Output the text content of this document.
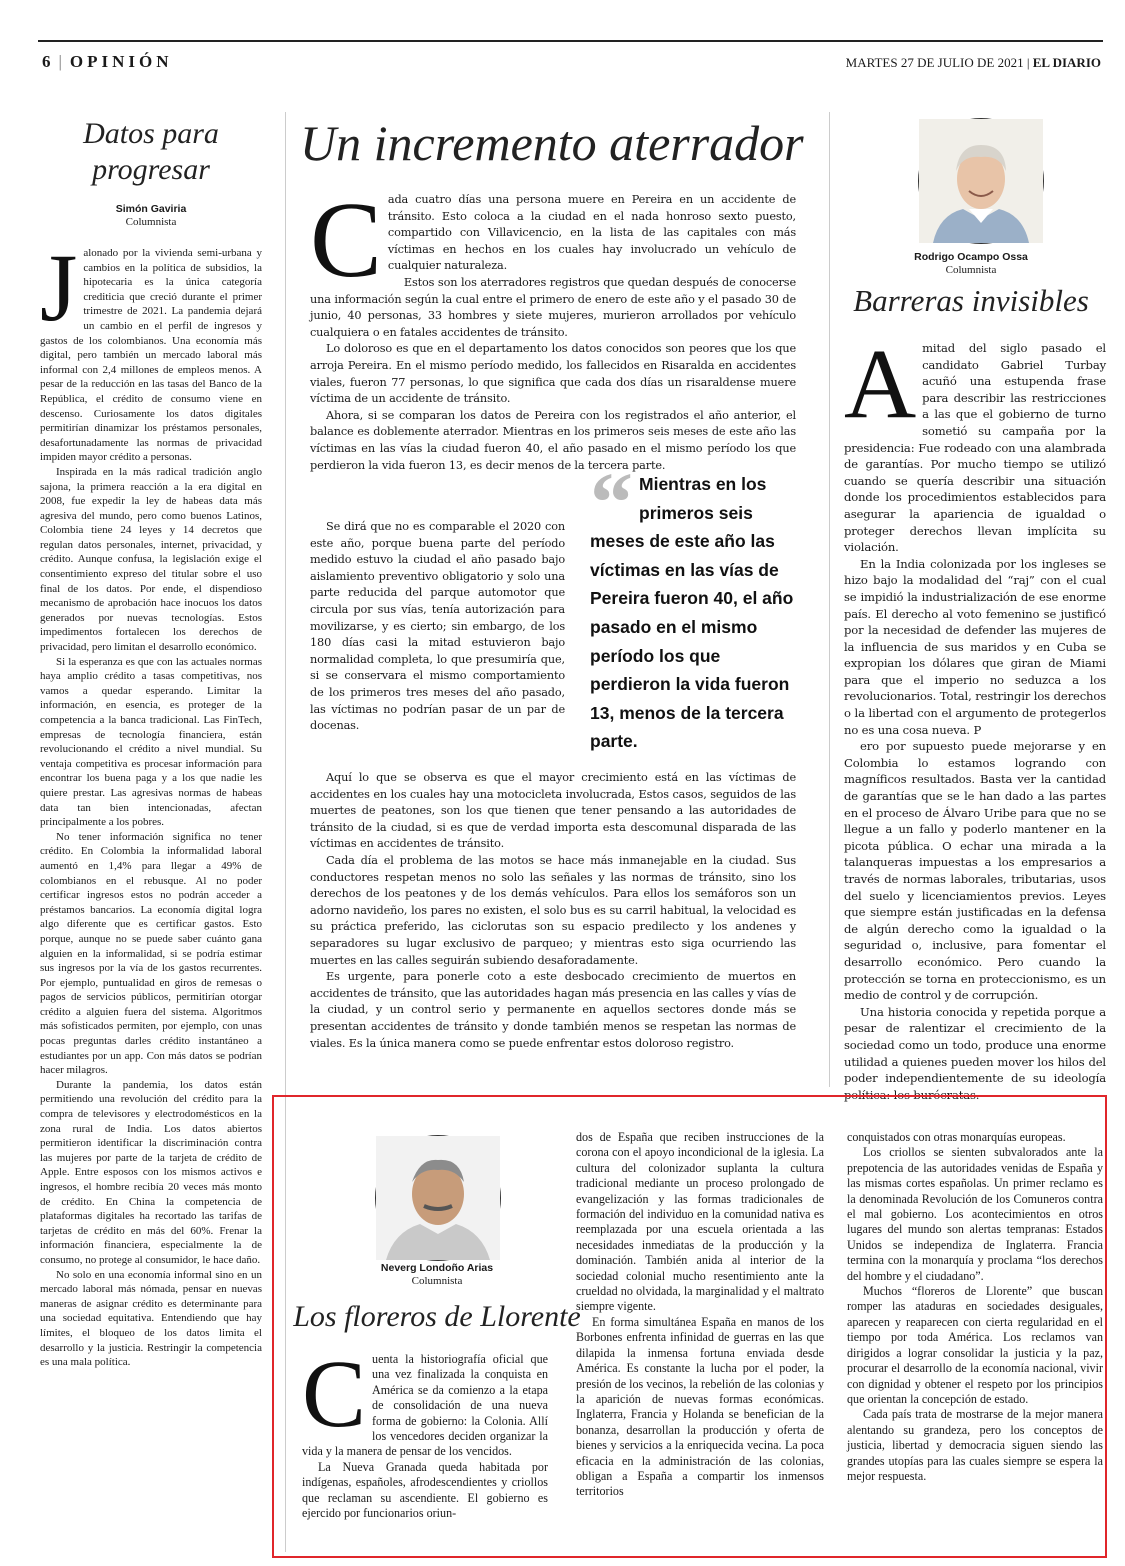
6 | OPINIÓN	MARTES 27 DE JULIO DE 2021 | EL DIARIO
Datos para
progresar
Simón Gaviria
Columnista
J alonado por la vivienda semi-urbana y cambios en la política de subsidios, la hipotecaria es la única categoría crediticia que creció durante el primer trimestre de 2021. La pandemia dejará un cambio en el perfil de ingresos y gastos de los colombianos. Una economía más digital, pero también un mercado laboral más informal con 2,4 millones de empleos menos. A pesar de la reducción en las tasas del Banco de la República, el crédito de consumo viene en descenso. Curiosamente los datos digitales permitirían dinamizar los préstamos personales, desafortunadamente las normas de privacidad impiden mayor crédito a personas.

Inspirada en la más radical tradición anglo sajona, la primera reacción a la era digital en 2008, fue expedir la ley de habeas data más agresiva del mundo, pero como buenos Latinos, Colombia tiene 24 leyes y 14 decretos que regulan datos personales, internet, privacidad, y crédito. Aunque confusa, la legislación exige el consentimiento expreso del titular sobre el uso final de los datos. Por ende, el dispendioso mecanismo de aprobación hace inocuos los datos generados por nuevas tecnologías. Estos impedimentos fortalecen los derechos de privacidad, pero limitan el desarrollo económico.

Si la esperanza es que con las actuales normas haya amplio crédito a tasas competitivas, nos vamos a quedar esperando. Limitar la información, en esencia, es proteger de la competencia a la banca tradicional. Las FinTech, empresas de tecnología financiera, están revolucionando el crédito a nivel mundial. Su ventaja competitiva es procesar información para encontrar los buena paga y a los que nadie les quiere prestar. Las agresivas normas de habeas data tan bien intencionadas, afectan principalmente a los pobres.

No tener información significa no tener crédito. En Colombia la informalidad laboral aumentó en 1,4% para llegar a 49% de colombianos en el rebusque. Al no poder certificar ingresos estos no podrán acceder a préstamos bancarios. La economía digital logra algo diferente que es certificar gastos. Esto porque, aunque no se puede saber cuánto gana alguien en la informalidad, si se podría estimar sus ingresos por la vía de los gastos recurrentes. Por ejemplo, puntualidad en giros de remesas o pagos de servicios públicos, permitirían otorgar crédito a alguien fuera del sistema. Algoritmos más sofisticados permiten, por ejemplo, con unas pocas preguntas darles crédito instantáneo a estudiantes por un app. Con más datos se podrían hacer milagros.

Durante la pandemia, los datos están permitiendo una revolución del crédito para la compra de televisores y electrodomésticos en la zona rural de India. Los datos abiertos permitieron identificar la discriminación contra las mujeres por parte de la tarjeta de crédito de Apple. Entre esposos con los mismos activos e ingresos, el hombre recibía 20 veces más monto de crédito. En China la competencia de plataformas digitales ha recortado las tarifas de tarjetas de crédito en más del 60%. Frenar la información financiera, especialmente la de consumo, no protege al consumidor, le hace daño.

No solo en una economía informal sino en un mercado laboral más nómada, pensar en nuevas maneras de asignar crédito es determinante para una sociedad equitativa. Entendiendo que hay límites, el bloqueo de los datos limita el desarrollo y la justicia. Restringir la competencia es una mala política.

Un incremento aterrador
C ada cuatro días una persona muere en Pereira en un accidente de tránsito. Esto coloca a la ciudad en el nada honroso sexto puesto, compartido con Villavicencio, en la lista de las capitales con más víctimas en hechos en los cuales hay involucrado un vehículo de cualquier naturaleza.

Estos son los aterradores registros que quedan después de conocerse una información según la cual entre el primero de enero de este año y el pasado 30 de junio, 40 personas, 33 hombres y siete mujeres, murieron arrollados por vehículo cualquiera o en fatales accidentes de tránsito.

Lo doloroso es que en el departamento los datos conocidos son peores que los que arroja Pereira. En el mismo período medido, los fallecidos en Risaralda en accidentes viales, fueron 77 personas, lo que significa que cada dos días un risaraldense muere víctima de un accidente de tránsito.

Ahora, si se comparan los datos de Pereira con los registrados el año anterior, el balance es doblemente aterrador. Mientras en los primeros seis meses de este año las víctimas en las vías la ciudad fueron 40, el año pasado en el mismo período los que perdieron la vida fueron 13, es decir menos de la tercera parte.

Se dirá que no es comparable el 2020 con este año, porque buena parte del período medido estuvo la ciudad el año pasado bajo aislamiento preventivo obligatorio y solo una parte reducida del parque automotor que circula por sus vías, tenía autorización para movilizarse, y es cierto; sin embargo, de los 180 días casi la mitad estuvieron bajo normalidad completa, lo que presumiría que, si se conservara el mismo comportamiento de los primeros tres meses del año pasado, las víctimas no podrían pasar de un par de docenas.

“ Mientras en los primeros seis meses de este año las víctimas en las vías de Pereira fueron 40, el año pasado en el mismo período los que perdieron la vida fueron 13, menos de la tercera parte.

Aquí lo que se observa es que el mayor crecimiento está en las víctimas de accidentes en los cuales hay una motocicleta involucrada, Estos casos, seguidos de las muertes de peatones, son los que tienen que tener pensando a las autoridades de tránsito de la ciudad, si es que de verdad importa esta descomunal disparada de las víctimas en accidentes de tránsito.

Cada día el problema de las motos se hace más inmanejable en la ciudad. Sus conductores respetan menos no solo las señales y las normas de tránsito, sino los derechos de los peatones y de los demás vehículos. Para ellos los semáforos son un adorno navideño, los pares no existen, el solo bus es su carril habitual, la velocidad es su práctica preferido, las ciclorutas son su espacio predilecto y los andenes y separadores su lugar exclusivo de parqueo; y mientras esto siga ocurriendo las muertes en las calles seguirán subiendo desaforadamente.

Es urgente, para ponerle coto a este desbocado crecimiento de muertos en accidentes de tránsito, que las autoridades hagan más presencia en las calles y vías de la ciudad, y un control serio y permanente en aquellos sectores donde más se presentan accidentes de tránsito y donde también menos se respetan las normas de viales. Es la única manera como se puede enfrentar estos doloroso registro.

Rodrigo Ocampo Ossa
Columnista
Barreras invisibles
A mitad del siglo pasado el candidato Gabriel Turbay acuñó una estupenda frase para describir las restricciones a las que el gobierno de turno sometió su campaña por la presidencia: Fue rodeado con una alambrada de garantías. Por mucho tiempo se utilizó cuando se quería describir una situación donde los procedimientos establecidos para asegurar la apariencia de igualdad o proteger derechos llevan implícita su violación.

En la India colonizada por los ingleses se hizo bajo la modalidad del “raj” con el cual se impidió la industrialización de ese enorme país. El derecho al voto femenino se justificó por la necesidad de defender las mujeres de la influencia de sus maridos y en Cuba se expropian los dólares que giran de Miami para que el imperio no seduzca a los revolucionarios. Total, restringir los derechos o la libertad con el argumento de protegerlos no es una cosa nueva. P

ero por supuesto puede mejorarse y en Colombia lo estamos logrando con magníficos resultados. Basta ver la cantidad de garantías que se le han dado a las partes en el proceso de Álvaro Uribe para que no se llegue a un fallo y poderlo mantener en la picota pública. O echar una mirada a la talanqueras impuestas a los empresarios a través de normas laborales, tributarias, usos del suelo y licenciamientos previos. Leyes que siempre están justificadas en la defensa de algún derecho como la igualdad o la seguridad o, inclusive, para fomentar el desarrollo económico. Pero cuando la protección se torna en proteccionismo, es un medio de control y de corrupción.

Una historia conocida y repetida porque a pesar de ralentizar el crecimiento de la sociedad como un todo, produce una enorme utilidad a quienes pueden mover los hilos del poder independientemente de su ideología política: los burócratas.

Neverg Londoño Arias
Columnista
Los floreros de Llorente
C uenta la historiografía oficial que una vez finalizada la conquista en América se da comienzo a la etapa de consolidación de una nueva forma de gobierno: la Colonia. Allí los vencedores deciden organizar la vida y la manera de pensar de los vencidos.

La Nueva Granada queda habitada por indígenas, españoles, afrodescendientes y criollos que reclaman su ascendiente. El gobierno es ejercido por funcionarios oriun-

dos de España que reciben instrucciones de la corona con el apoyo incondicional de la iglesia. La cultura del colonizador suplanta la cultura tradicional mediante un proceso prolongado de evangelización y las formas tradicionales de formación del individuo en la comunidad nativa es reemplazada por una escuela orientada a las necesidades inmediatas de la producción y la dominación. También anida al interior de la sociedad colonial mucho resentimiento ante la crueldad no olvidada, la marginalidad y el maltrato siempre vigente.

En forma simultánea España en manos de los Borbones enfrenta infinidad de guerras en las que dilapida la inmensa fortuna enviada desde América. Es constante la lucha por el poder, la presión de los vecinos, la rebelión de las colonias y la aparición de nuevas formas económicas. Inglaterra, Francia y Holanda se benefician de la bonanza, desarrollan la producción y oferta de bienes y servicios a la enriquecida vecina. La poca eficacia en la administración de las colonias, obligan a España a compartir los inmensos territorios

conquistados con otras monarquías europeas.

Los criollos se sienten subvalorados ante la prepotencia de las autoridades venidas de España y las mismas cortes españolas. Un primer reclamo es la denominada Revolución de los Comuneros contra el mal gobierno. Los acontecimientos en otros lugares del mundo son alertas tempranas: Estados Unidos se independiza de Inglaterra. Francia termina con la monarquía y proclama “los derechos del hombre y el ciudadano”.

Muchos “floreros de Llorente” que buscan romper las ataduras en sociedades desiguales, aparecen y reaparecen con cierta regularidad en el tiempo por toda América. Los reclamos van dirigidos a lograr consolidar la justicia y la paz, procurar el desarrollo de la economía nacional, vivir con dignidad y obtener el respeto por los principios que orientan la concepción de estado.

Cada país trata de mostrarse de la mejor manera alentando su grandeza, pero los conceptos de justicia, libertad y democracia siguen siendo las grandes utopías para las cuales siempre se espera la mejor respuesta.
